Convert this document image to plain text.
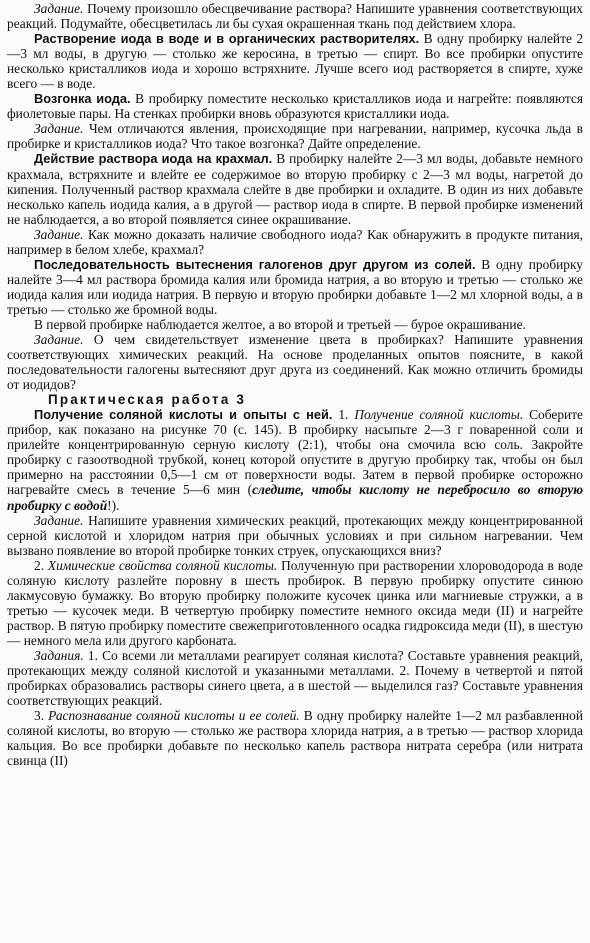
Задание. Почему произошло обесцвечивание раствора? Напишите уравнения соответствующих реакций. Подумайте, обесцветилась ли бы сухая окрашенная ткань под действием хлора.

Растворение иода в воде и в органических растворителях. В одну пробирку налейте 2—3 мл воды, в другую — столько же керосина, в третью — спирт. Во все пробирки опустите несколько кристалликов иода и хорошо встряхните. Лучше всего иод растворяется в спирте, хуже всего — в воде.

Возгонка иода. В пробирку поместите несколько кристалликов иода и нагрейте: появляются фиолетовые пары. На стенках пробирки вновь образуются кристаллики иода.

Задание. Чем отличаются явления, происходящие при нагревании, например, кусочка льда в пробирке и кристалликов иода? Что такое возгонка? Дайте определение.

Действие раствора иода на крахмал. В пробирку налейте 2—3 мл воды, добавьте немного крахмала, встряхните и влейте ее содержимое во вторую пробирку с 2—3 мл воды, нагретой до кипения. Полученный раствор крахмала слейте в две пробирки и охладите. В один из них добавьте несколько капель иодида калия, а в другой — раствор иода в спирте. В первой пробирке изменений не наблюдается, а во второй появляется синее окрашивание.

Задание. Как можно доказать наличие свободного иода? Как обнаружить в продуктe питания, например в белом хлебе, крахмал?

Последовательность вытеснения галогенов друг другом из солей. В одну пробирку налейте 3—4 мл раствора бромида калия или бромида натрия, а во вторую и третью — столько же иодида калия или иодида натрия. В первую и вторую пробирки добавьте 1—2 мл хлорной воды, а в третью — столько же бромной воды.

В первой пробирке наблюдается желтое, а во второй и третьей — бурое окрашивание.

Задание. О чем свидетельствует изменение цвета в пробирках? Напишите уравнения соответствующих химических реакций. На основе проделанных опытов поясните, в какой последовательности галогены вытесняют друг друга из соединений. Как можно отличить бромиды от иодидов?

Практическая работа 3

Получение соляной кислоты и опыты с ней. 1. Получение соляной кислоты. Соберите прибор, как показано на рисунке 70 (с. 145). В пробирку насыпьте 2—3 г поваренной соли и прилейте концентрированную серную кислоту (2:1), чтобы она смочила всю соль. Закройте пробирку с газоотводной трубкой, конец которой опустите в другую пробирку так, чтобы он был примерно на расстоянии 0,5—1 см от поверхности воды. Затем в первой пробирке осторожно нагревайте смесь в течение 5—6 мин (следите, чтобы кислоту не перебросило во вторую пробирку с водой!).

Задание. Напишите уравнения химических реакций, протекающих между концентрированной серной кислотой и хлоридом натрия при обычных условиях и при сильном нагревании. Чем вызвано появление во второй пробирке тонких струек, опускающихся вниз?

2. Химические свойства соляной кислоты. Полученную при растворении хлороводорода в воде соляную кислоту разлейте поровну в шесть пробирок. В первую пробирку опустите синюю лакмусовую бумажку. Во вторую пробирку положите кусочек цинка или магниевые стружки, а в третью — кусочек меди. В четвертую пробирку поместите немного оксида меди (II) и нагрейте раствор. В пятую пробирку поместите свежеприготовленного осадка гидроксида меди (II), в шестую — немного мела или другого карбоната.

Задания. 1. Со всеми ли металлами реагирует соляная кислота? Составьте уравнения реакций, протекающих между соляной кислотой и указанными металлами. 2. Почему в четвертой и пятой пробирках образовались растворы синего цвета, а в шестой — выделился газ? Составьте уравнения соответствующих реакций.

3. Распознавание соляной кислоты и ее солей. В одну пробирку налейте 1—2 мл разбавленной соляной кислоты, во вторую — столько же раствора хлорида натрия, а в третью — раствор хлорида кальция. Во все пробирки добавьте по несколько капель раствора нитрата серебра (или нитрата свинца (II)
